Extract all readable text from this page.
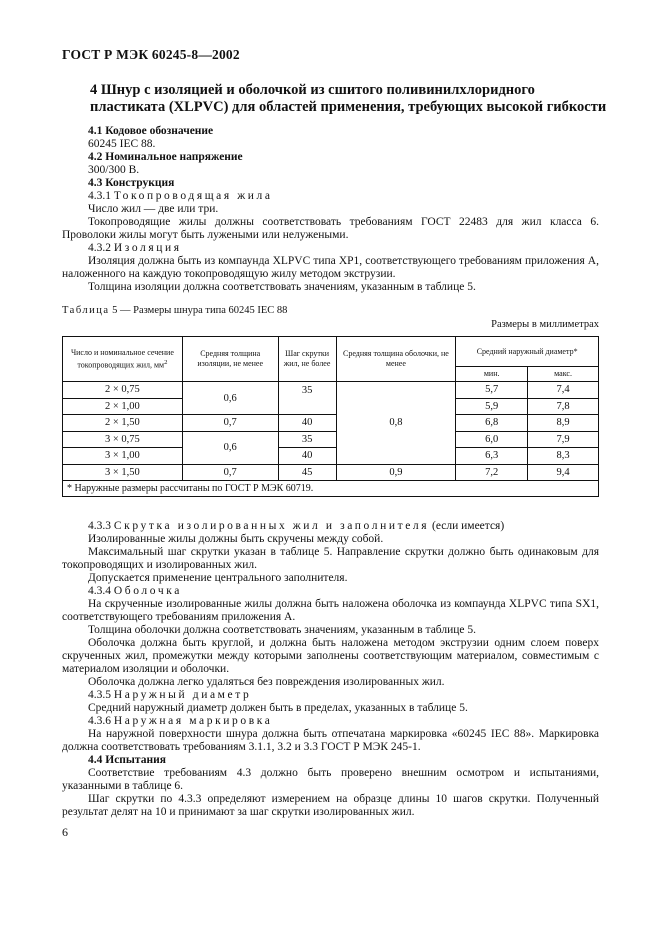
ГОСТ Р МЭК 60245-8—2002
4 Шнур с изоляцией и оболочкой из сшитого поливинилхлоридного
пластиката (XLPVC) для областей применения, требующих высокой гибкости
4.1 Кодовое обозначение
60245 IEC 88.
4.2 Номинальное напряжение
300/300 В.
4.3 Конструкция
4.3.1 Токопроводящая жила
Число жил — две или три.
Токопроводящие жилы должны соответствовать требованиям ГОСТ 22483 для жил класса 6. Проволоки жилы могут быть лужеными или нелужеными.
4.3.2 Изоляция
Изоляция должна быть из компаунда XLPVC типа XP1, соответствующего требованиям приложения А, наложенного на каждую токопроводящую жилу методом экструзии.
Толщина изоляции должна соответствовать значениям, указанным в таблице 5.
Таблица 5 — Размеры шнура типа 60245 IEC 88
Размеры в миллиметрах
Число и номинальное сечение токопроводящих жил, $мм^2$	Средняя толщина изоляции, не менее	Шаг скрутки жил, не более	Средняя толщина оболочки, не менее	Средний наружный диаметр*	
				мин.	макс.
2 × 0,75	0,6	35	0,8	5,7	7,4
2 × 1,00				5,9	7,8
2 × 1,50	0,7	40		6,8	8,9
3 × 0,75	0,6	35		6,0	7,9
3 × 1,00		40		6,3	8,3
3 × 1,50	0,7	45	0,9	7,2	9,4
* Наружные размеры рассчитаны по ГОСТ Р МЭК 60719.					
4.3.3 Скрутка изолированных жил и заполнителя (если имеется)
Изолированные жилы должны быть скручены между собой.
Максимальный шаг скрутки указан в таблице 5. Направление скрутки должно быть одинаковым для токопроводящих и изолированных жил.
Допускается применение центрального заполнителя.
4.3.4 Оболочка
На скрученные изолированные жилы должна быть наложена оболочка из компаунда XLPVC типа SX1, соответствующего требованиям приложения А.
Толщина оболочки должна соответствовать значениям, указанным в таблице 5.
Оболочка должна быть круглой, и должна быть наложена методом экструзии одним слоем поверх скрученных жил, промежутки между которыми заполнены соответствующим материалом, совместимым с материалом изоляции и оболочки.
Оболочка должна легко удаляться без повреждения изолированных жил.
4.3.5 Наружный диаметр
Средний наружный диаметр должен быть в пределах, указанных в таблице 5.
4.3.6 Наружная маркировка
На наружной поверхности шнура должна быть отпечатана маркировка «60245 IEC 88». Маркировка должна соответствовать требованиям 3.1.1, 3.2 и 3.3 ГОСТ Р МЭК 245-1.
4.4 Испытания
Соответствие требованиям 4.3 должно быть проверено внешним осмотром и испытаниями, указанными в таблице 6.
Шаг скрутки по 4.3.3 определяют измерением на образце длины 10 шагов скрутки. Полученный результат делят на 10 и принимают за шаг скрутки изолированных жил.
6
